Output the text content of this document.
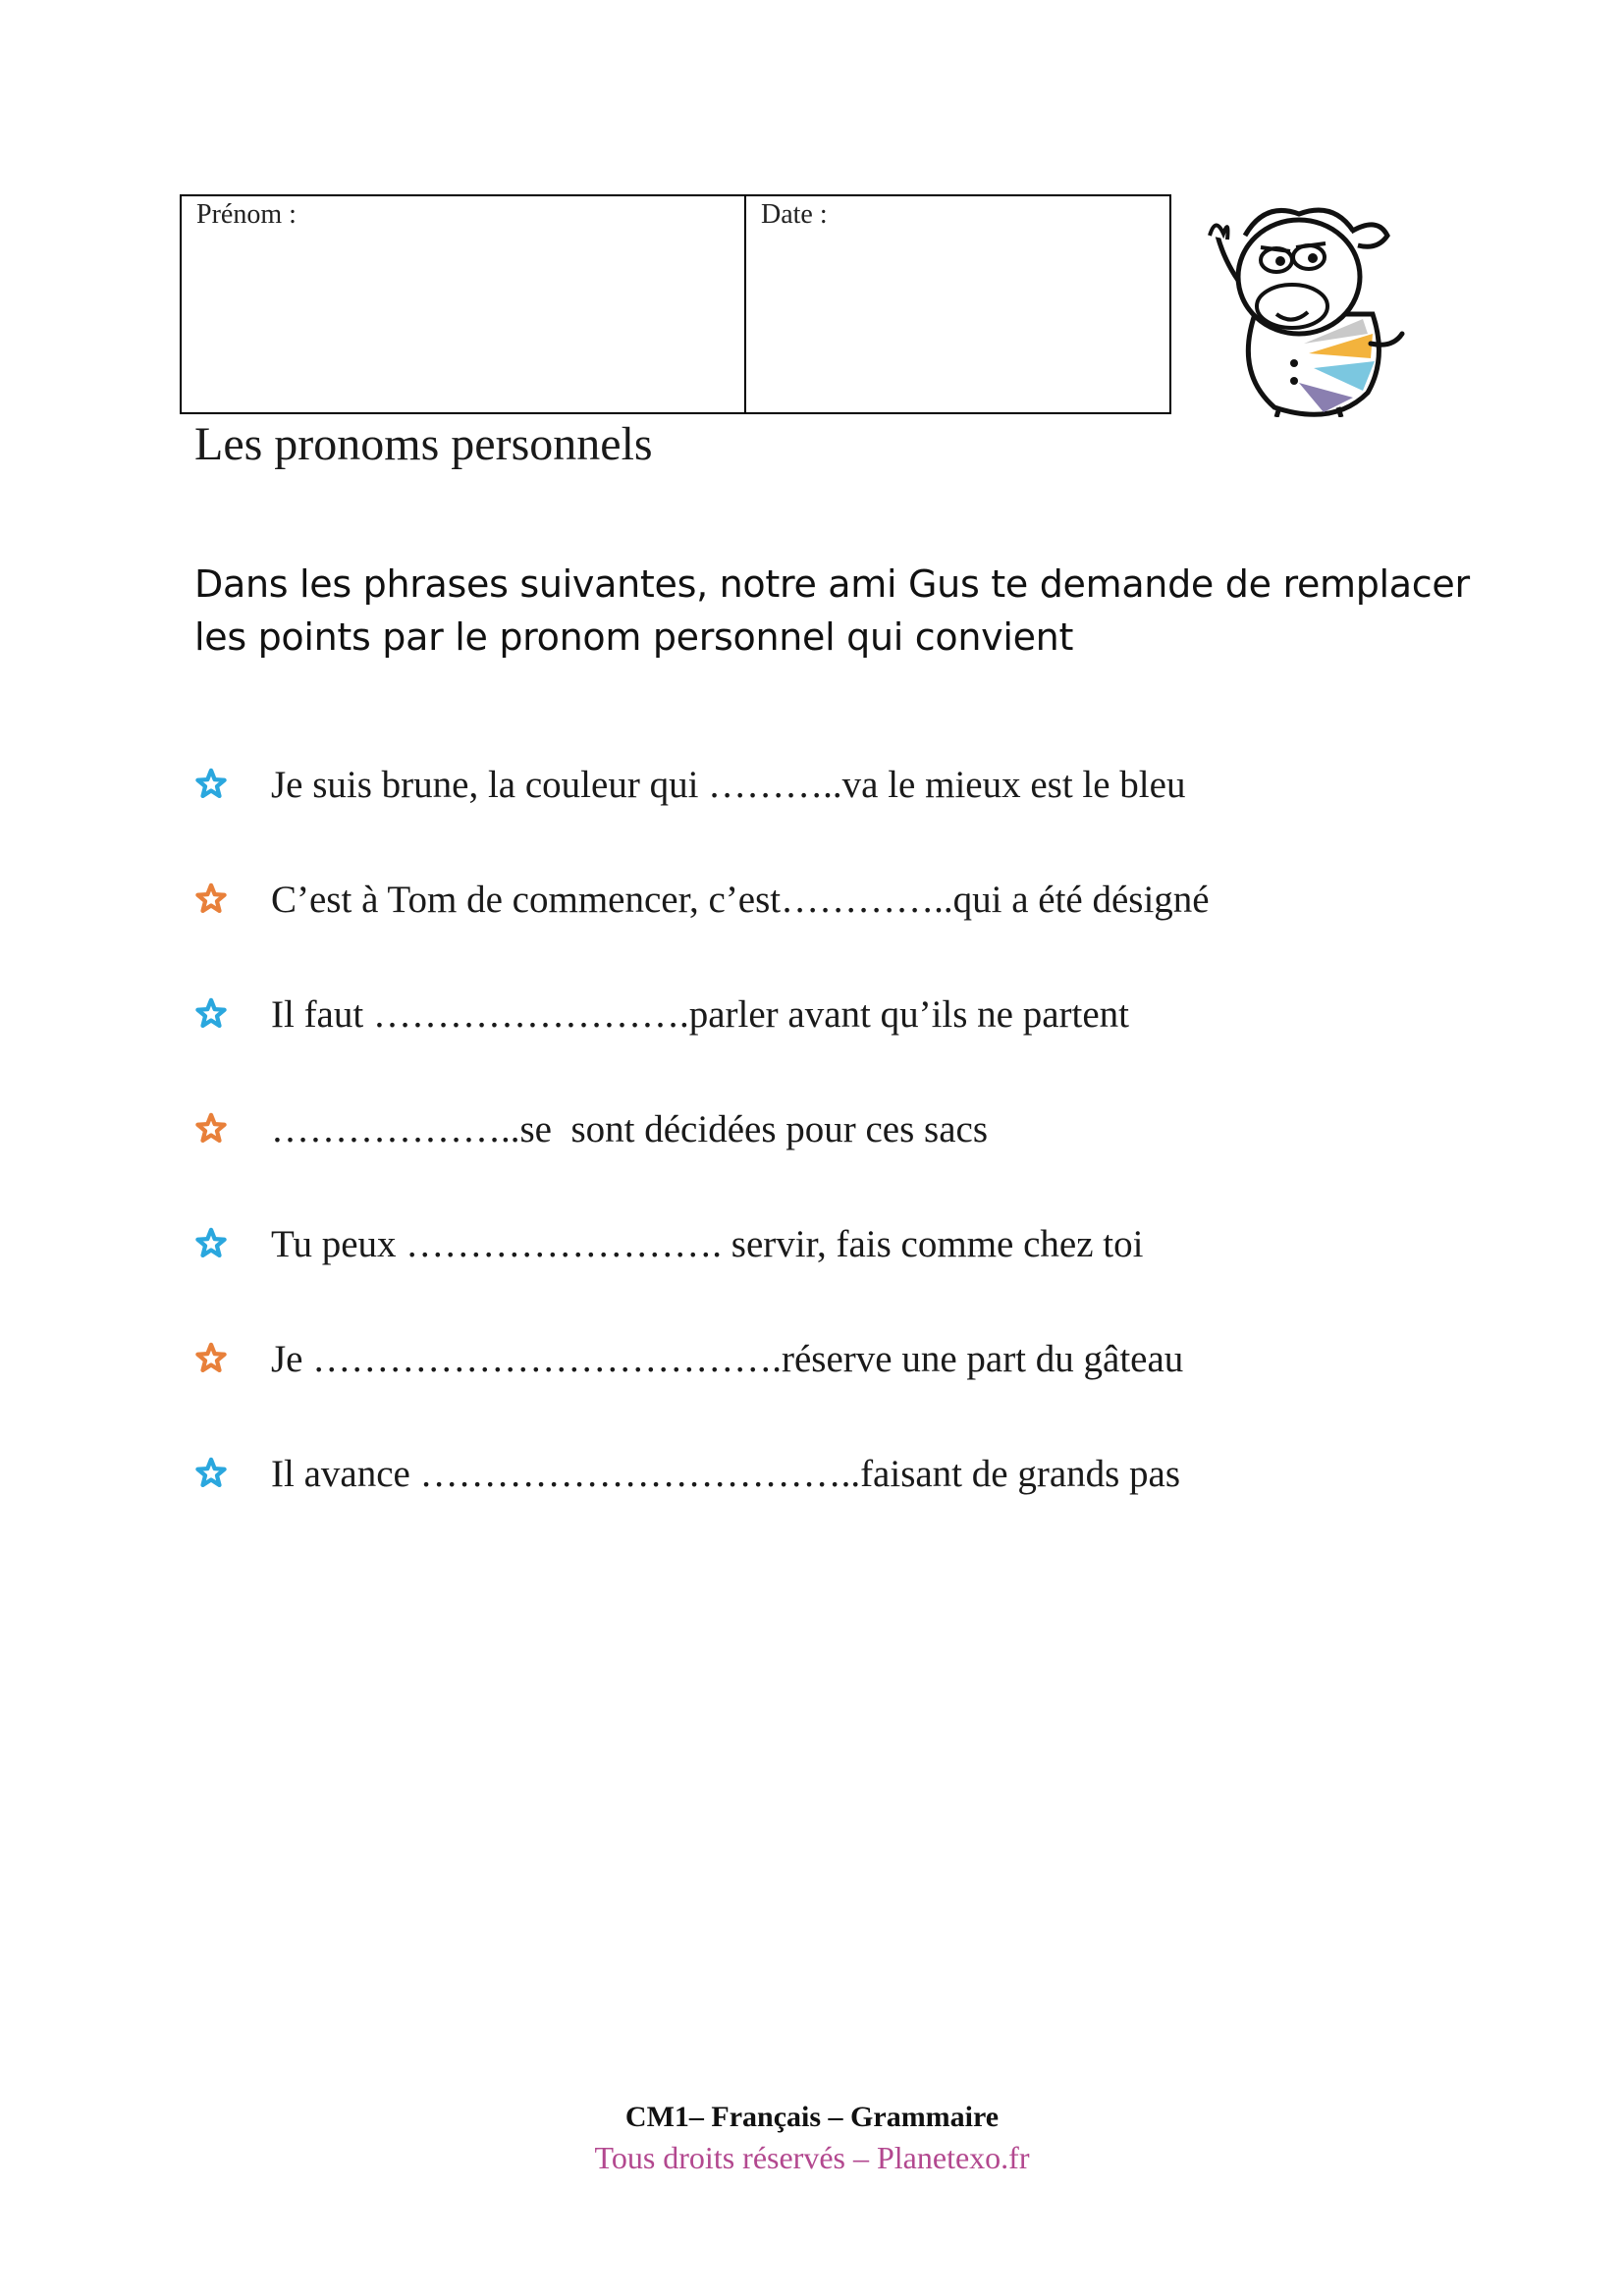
Prénom :	Date :
Les pronoms personnels

Dans les phrases suivantes, notre ami Gus te demande de remplacer les points par le pronom personnel qui convient

Je suis brune, la couleur qui ………..va le mieux est le bleu
C’est à Tom de commencer, c’est…………..qui a été désigné
Il faut …………………….parler avant qu’ils ne partent
………………..se  sont décidées pour ces sacs
Tu peux ……………………. servir, fais comme chez toi
Je ……………………………….réserve une part du gâteau
Il avance ……………………………..faisant de grands pas
CM1– Français – Grammaire
Tous droits réservés – Planetexo.fr
